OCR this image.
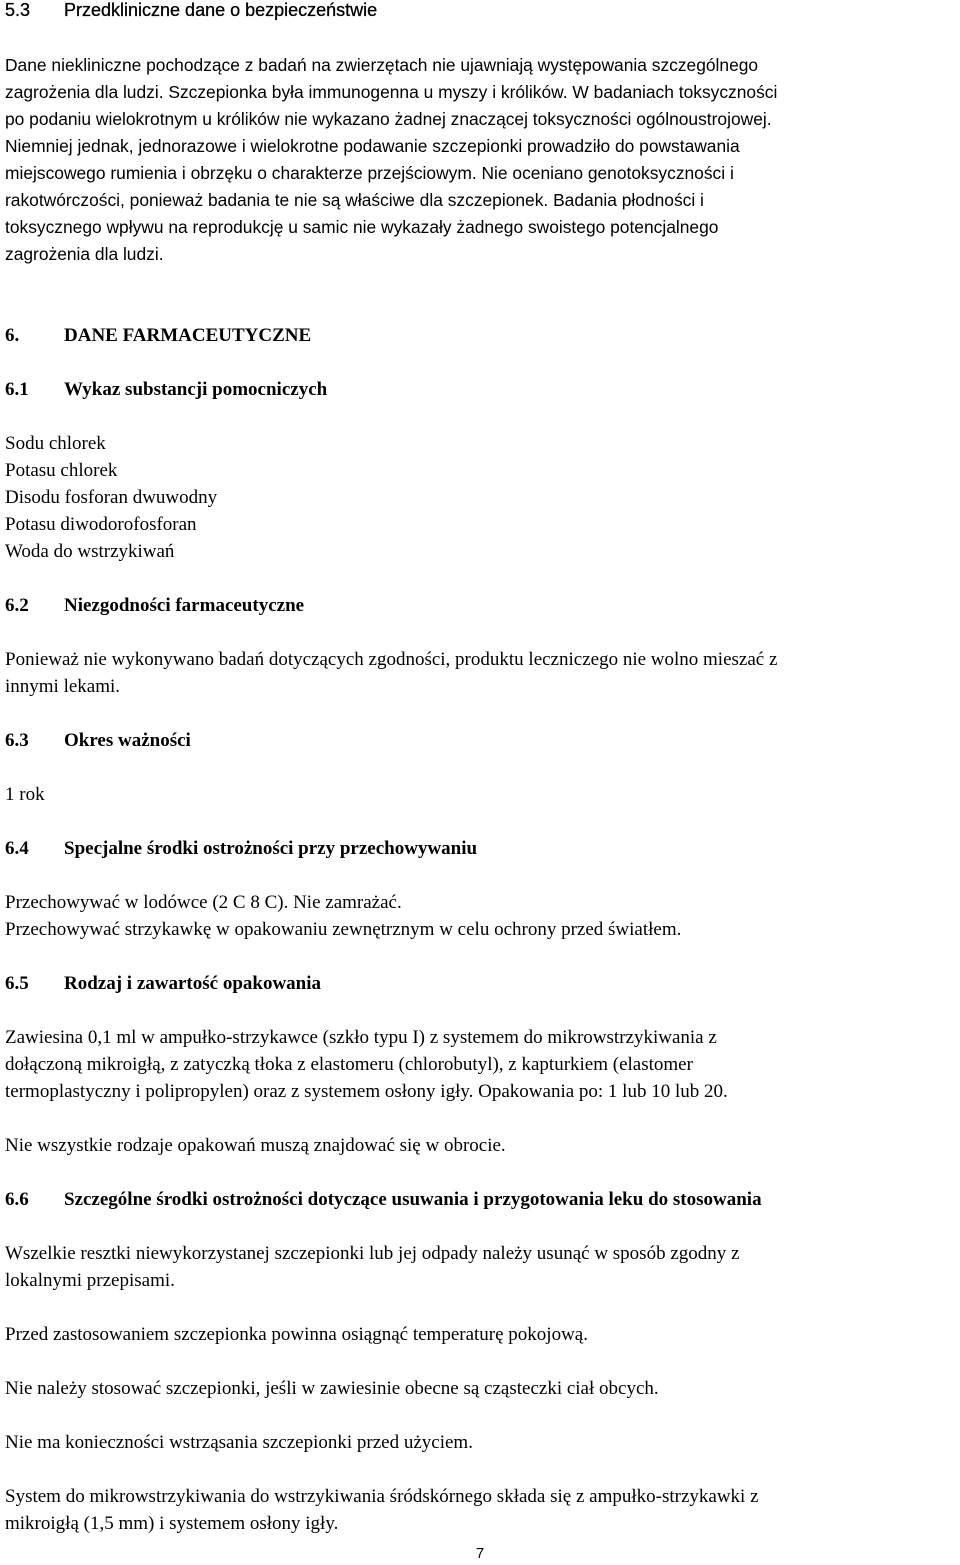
5.3	Przedkliniczne dane o bezpieczeństwie
Dane niekliniczne pochodzące z badań na zwierzętach nie ujawniają występowania szczególnego
zagrożenia dla ludzi. Szczepionka była immunogenna u myszy i królików. W badaniach toksyczności
po podaniu wielokrotnym u królików nie wykazano żadnej znaczącej toksyczności ogólnoustrojowej.
Niemniej jednak, jednorazowe i wielokrotne podawanie szczepionki prowadziło do powstawania
miejscowego rumienia i obrzęku o charakterze przejściowym. Nie oceniano genotoksyczności i
rakotwórczości, ponieważ badania te nie są właściwe dla szczepionek. Badania płodności i
toksycznego wpływu na reprodukcję u samic nie wykazały żadnego swoistego potencjalnego
zagrożenia dla ludzi.
6.	DANE FARMACEUTYCZNE
6.1	Wykaz substancji pomocniczych
Sodu chlorek
Potasu chlorek
Disodu fosforan dwuwodny
Potasu diwodorofosforan
Woda do wstrzykiwań
6.2	Niezgodności farmaceutyczne
Ponieważ nie wykonywano badań dotyczących zgodności, produktu leczniczego nie wolno mieszać z
innymi lekami.
6.3	Okres ważności
1 rok
6.4	Specjalne środki ostrożności przy przechowywaniu
Przechowywać w lodówce (2 C 8 C). Nie zamrażać.
Przechowywać strzykawkę w opakowaniu zewnętrznym w celu ochrony przed światłem.
6.5	Rodzaj i zawartość opakowania
Zawiesina 0,1 ml w ampułko-strzykawce (szkło typu I) z systemem do mikrowstrzykiwania z
dołączoną mikroigłą, z zatyczką tłoka z elastomeru (chlorobutyl), z kapturkiem (elastomer
termoplastyczny i polipropylen) oraz z systemem osłony igły. Opakowania po: 1 lub 10 lub 20.
Nie wszystkie rodzaje opakowań muszą znajdować się w obrocie.
6.6	Szczególne środki ostrożności dotyczące usuwania i przygotowania leku do stosowania
Wszelkie resztki niewykorzystanej szczepionki lub jej odpady należy usunąć w sposób zgodny z
lokalnymi przepisami.
Przed zastosowaniem szczepionka powinna osiągnąć temperaturę pokojową.
Nie należy stosować szczepionki, jeśli w zawiesinie obecne są cząsteczki ciał obcych.
Nie ma konieczności wstrząsania szczepionki przed użyciem.
System do mikrowstrzykiwania do wstrzykiwania śródskórnego składa się z ampułko-strzykawki z
mikroigłą (1,5 mm) i systemem osłony igły.
7
